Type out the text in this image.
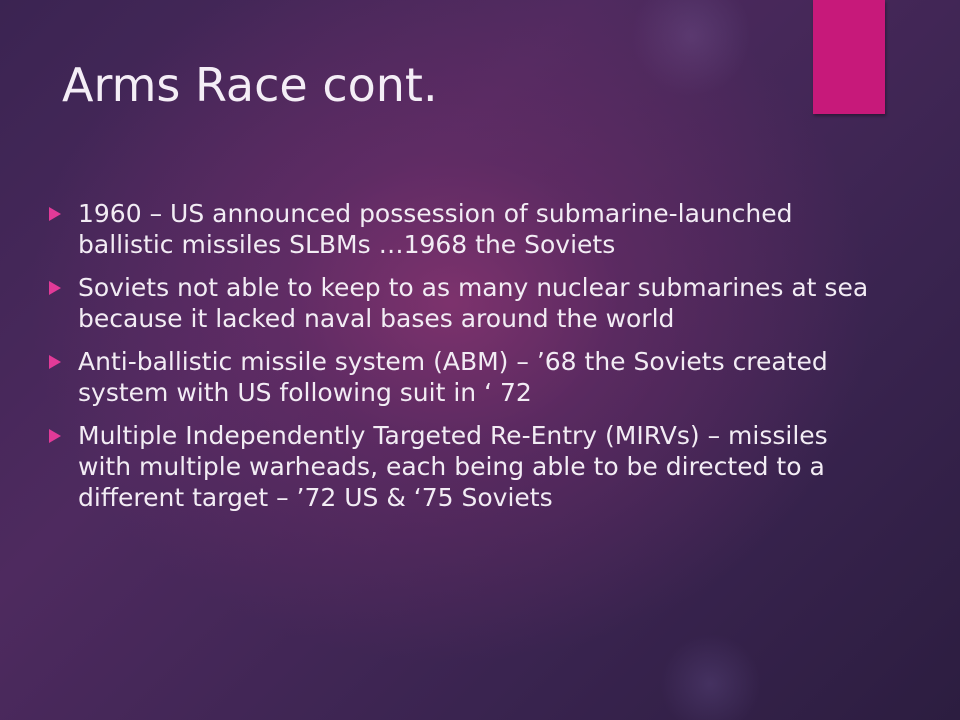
Arms Race cont.
1960 – US announced possession of submarine-launched ballistic missiles SLBMs …1968 the Soviets
Soviets not able to keep to as many nuclear submarines at sea because it lacked naval bases around the world
Anti-ballistic missile system (ABM) – ’68 the Soviets created system with US following suit in ‘ 72
Multiple Independently Targeted Re-Entry (MIRVs) – missiles with multiple warheads, each being able to be directed to a different target – ’72 US & ‘75 Soviets
